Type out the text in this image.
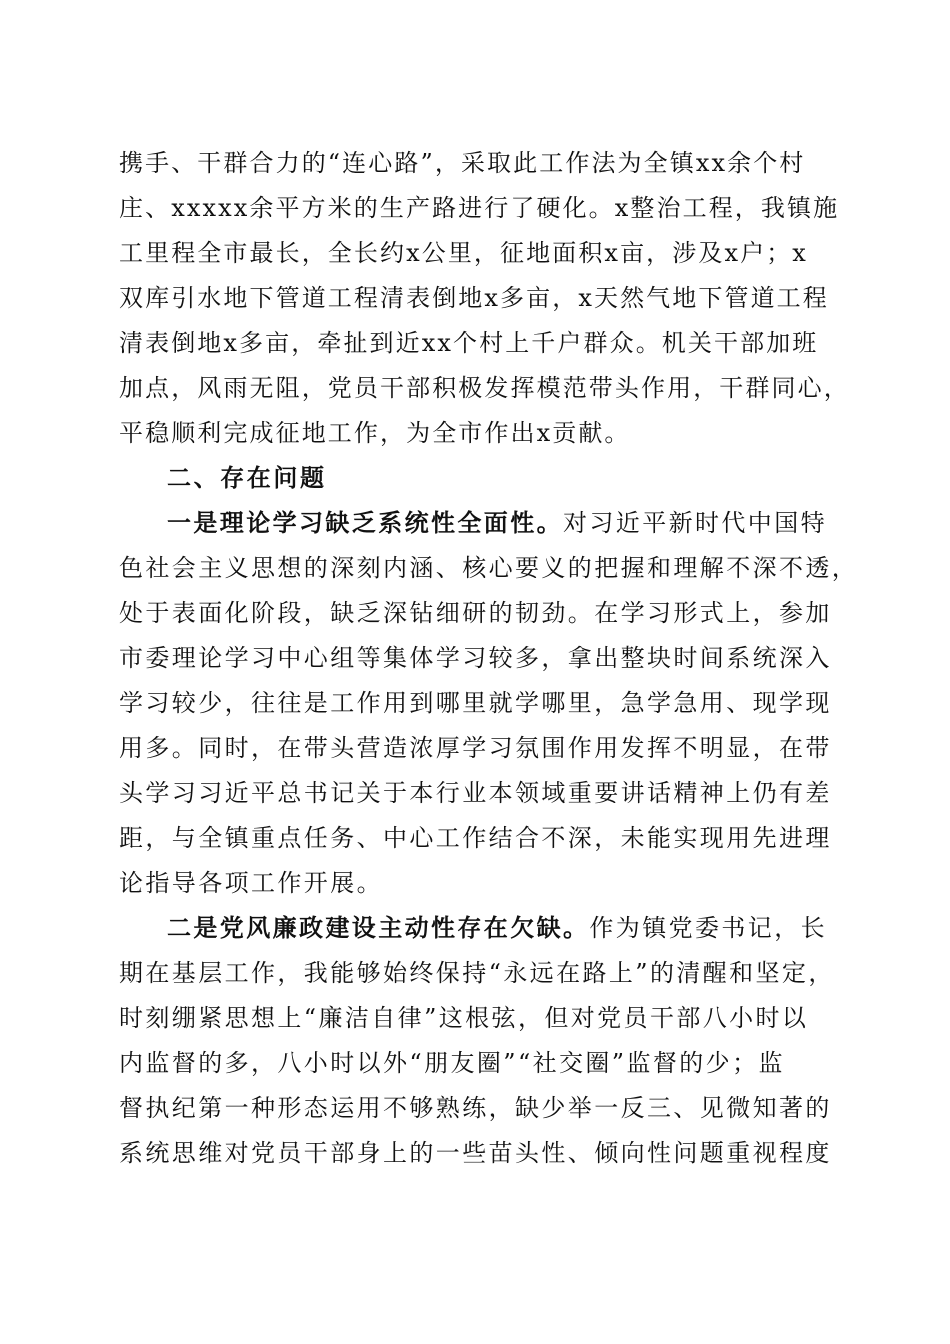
携手、干群合力的“连心路”，采取此工作法为全镇xx余个村
庄、xxxxx余平方米的生产路进行了硬化。x整治工程，我镇施
工里程全市最长，全长约x公里，征地面积x亩，涉及x户；x
双库引水地下管道工程清表倒地x多亩，x天然气地下管道工程
清表倒地x多亩，牵扯到近xx个村上千户群众。机关干部加班
加点，风雨无阻，党员干部积极发挥模范带头作用，干群同心，
平稳顺利完成征地工作，为全市作出x贡献。
二、存在问题
一是理论学习缺乏系统性全面性。对习近平新时代中国特
色社会主义思想的深刻内涵、核心要义的把握和理解不深不透，
处于表面化阶段，缺乏深钻细研的韧劲。在学习形式上，参加
市委理论学习中心组等集体学习较多，拿出整块时间系统深入
学习较少，往往是工作用到哪里就学哪里，急学急用、现学现
用多。同时，在带头营造浓厚学习氛围作用发挥不明显，在带
头学习习近平总书记关于本行业本领域重要讲话精神上仍有差
距，与全镇重点任务、中心工作结合不深，未能实现用先进理
论指导各项工作开展。
二是党风廉政建设主动性存在欠缺。作为镇党委书记，长
期在基层工作，我能够始终保持“永远在路上”的清醒和坚定，
时刻绷紧思想上“廉洁自律”这根弦，但对党员干部八小时以
内监督的多，八小时以外“朋友圈”“社交圈”监督的少；监
督执纪第一种形态运用不够熟练，缺少举一反三、见微知著的
系统思维对党员干部身上的一些苗头性、倾向性问题重视程度
